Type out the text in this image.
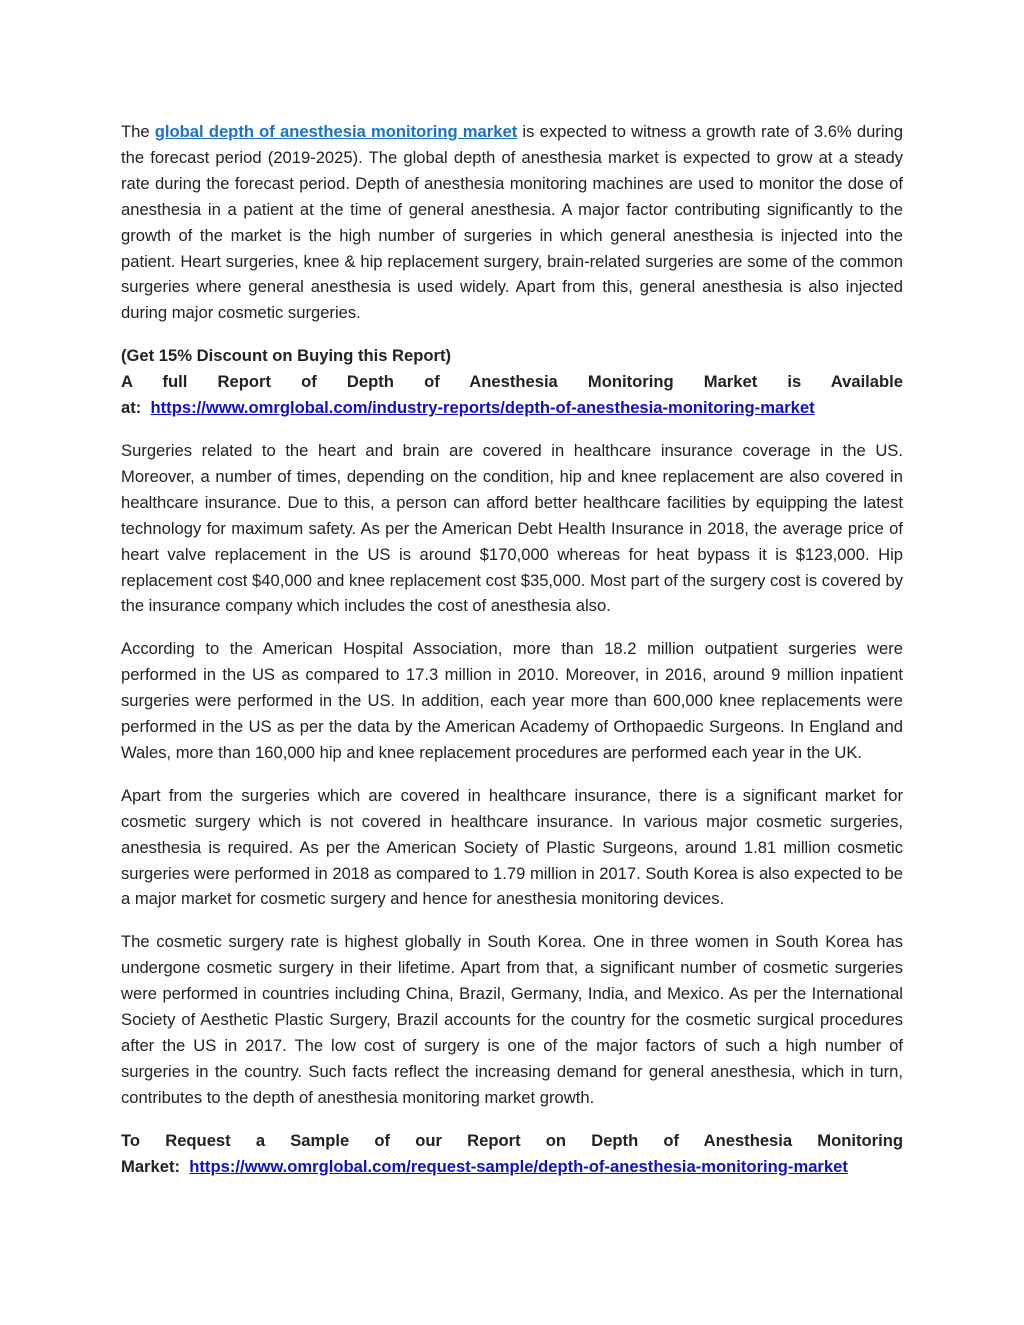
The global depth of anesthesia monitoring market is expected to witness a growth rate of 3.6% during the forecast period (2019-2025). The global depth of anesthesia market is expected to grow at a steady rate during the forecast period. Depth of anesthesia monitoring machines are used to monitor the dose of anesthesia in a patient at the time of general anesthesia. A major factor contributing significantly to the growth of the market is the high number of surgeries in which general anesthesia is injected into the patient. Heart surgeries, knee & hip replacement surgery, brain-related surgeries are some of the common surgeries where general anesthesia is used widely. Apart from this, general anesthesia is also injected during major cosmetic surgeries.

(Get 15% Discount on Buying this Report)

A full Report of Depth of Anesthesia Monitoring Market is Available

at: https://www.omrglobal.com/industry-reports/depth-of-anesthesia-monitoring-market

Surgeries related to the heart and brain are covered in healthcare insurance coverage in the US. Moreover, a number of times, depending on the condition, hip and knee replacement are also covered in healthcare insurance. Due to this, a person can afford better healthcare facilities by equipping the latest technology for maximum safety. As per the American Debt Health Insurance in 2018, the average price of heart valve replacement in the US is around $170,000 whereas for heat bypass it is $123,000. Hip replacement cost $40,000 and knee replacement cost $35,000. Most part of the surgery cost is covered by the insurance company which includes the cost of anesthesia also.

According to the American Hospital Association, more than 18.2 million outpatient surgeries were performed in the US as compared to 17.3 million in 2010. Moreover, in 2016, around 9 million inpatient surgeries were performed in the US. In addition, each year more than 600,000 knee replacements were performed in the US as per the data by the American Academy of Orthopaedic Surgeons. In England and Wales, more than 160,000 hip and knee replacement procedures are performed each year in the UK.

Apart from the surgeries which are covered in healthcare insurance, there is a significant market for cosmetic surgery which is not covered in healthcare insurance. In various major cosmetic surgeries, anesthesia is required. As per the American Society of Plastic Surgeons, around 1.81 million cosmetic surgeries were performed in 2018 as compared to 1.79 million in 2017. South Korea is also expected to be a major market for cosmetic surgery and hence for anesthesia monitoring devices.

The cosmetic surgery rate is highest globally in South Korea. One in three women in South Korea has undergone cosmetic surgery in their lifetime. Apart from that, a significant number of cosmetic surgeries were performed in countries including China, Brazil, Germany, India, and Mexico. As per the International Society of Aesthetic Plastic Surgery, Brazil accounts for the country for the cosmetic surgical procedures after the US in 2017. The low cost of surgery is one of the major factors of such a high number of surgeries in the country. Such facts reflect the increasing demand for general anesthesia, which in turn, contributes to the depth of anesthesia monitoring market growth.

To Request a Sample of our Report on Depth of Anesthesia Monitoring

Market: https://www.omrglobal.com/request-sample/depth-of-anesthesia-monitoring-market
